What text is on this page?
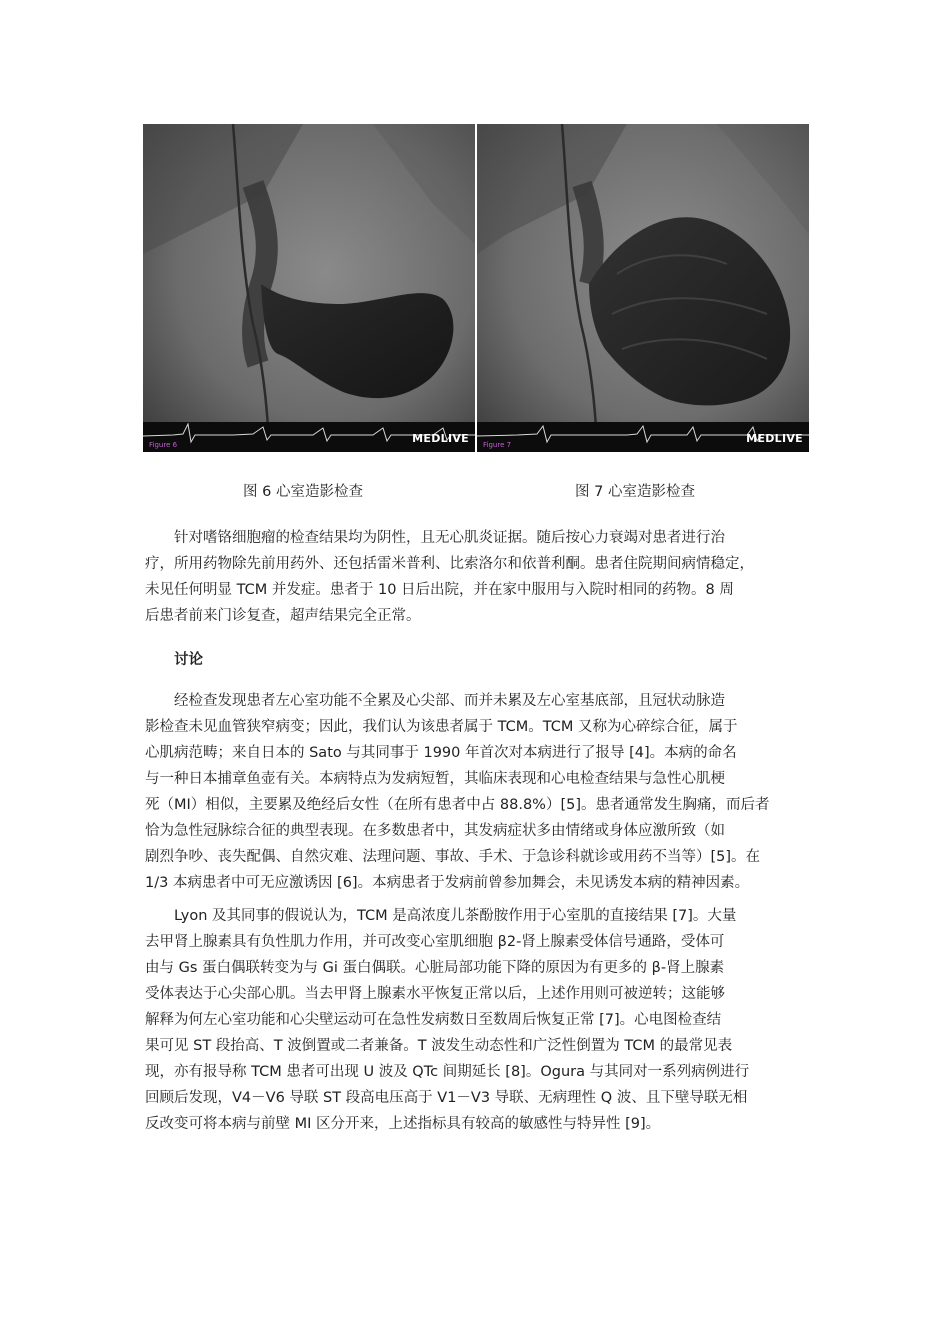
Figure 6	MEDLIVE Figure 7	MEDLIVE
图 6 心室造影检查	图 7 心室造影检查

针对嗜铬细胞瘤的检查结果均为阴性，且无心肌炎证据。随后按心力衰竭对患者进行治
疗，所用药物除先前用药外、还包括雷米普利、比索洛尔和依普利酮。患者住院期间病情稳定，
未见任何明显 TCM 并发症。患者于 10 日后出院，并在家中服用与入院时相同的药物。8 周
后患者前来门诊复查，超声结果完全正常。

讨论

经检查发现患者左心室功能不全累及心尖部、而并未累及左心室基底部，且冠状动脉造
影检查未见血管狭窄病变；因此，我们认为该患者属于 TCM。TCM 又称为心碎综合征，属于
心肌病范畴；来自日本的 Sato 与其同事于 1990 年首次对本病进行了报导 [4]。本病的命名
与一种日本捕章鱼壶有关。本病特点为发病短暂，其临床表现和心电检查结果与急性心肌梗
死（MI）相似，主要累及绝经后女性（在所有患者中占 88.8%）[5]。患者通常发生胸痛，而后者
恰为急性冠脉综合征的典型表现。在多数患者中，其发病症状多由情绪或身体应激所致（如
剧烈争吵、丧失配偶、自然灾难、法理问题、事故、手术、于急诊科就诊或用药不当等）[5]。在
1/3 本病患者中可无应激诱因 [6]。本病患者于发病前曾参加舞会，未见诱发本病的精神因素。

Lyon 及其同事的假说认为，TCM 是高浓度儿茶酚胺作用于心室肌的直接结果 [7]。大量
去甲肾上腺素具有负性肌力作用，并可改变心室肌细胞 β2-肾上腺素受体信号通路，受体可
由与 Gs 蛋白偶联转变为与 Gi 蛋白偶联。心脏局部功能下降的原因为有更多的 β-肾上腺素
受体表达于心尖部心肌。当去甲肾上腺素水平恢复正常以后，上述作用则可被逆转；这能够
解释为何左心室功能和心尖壁运动可在急性发病数日至数周后恢复正常 [7]。心电图检查结
果可见 ST 段抬高、T 波倒置或二者兼备。T 波发生动态性和广泛性倒置为 TCM 的最常见表
现，亦有报导称 TCM 患者可出现 U 波及 QTc 间期延长 [8]。Ogura 与其同对一系列病例进行
回顾后发现，V4－V6 导联 ST 段高电压高于 V1－V3 导联、无病理性 Q 波、且下壁导联无相
反改变可将本病与前壁 MI 区分开来，上述指标具有较高的敏感性与特异性 [9]。
